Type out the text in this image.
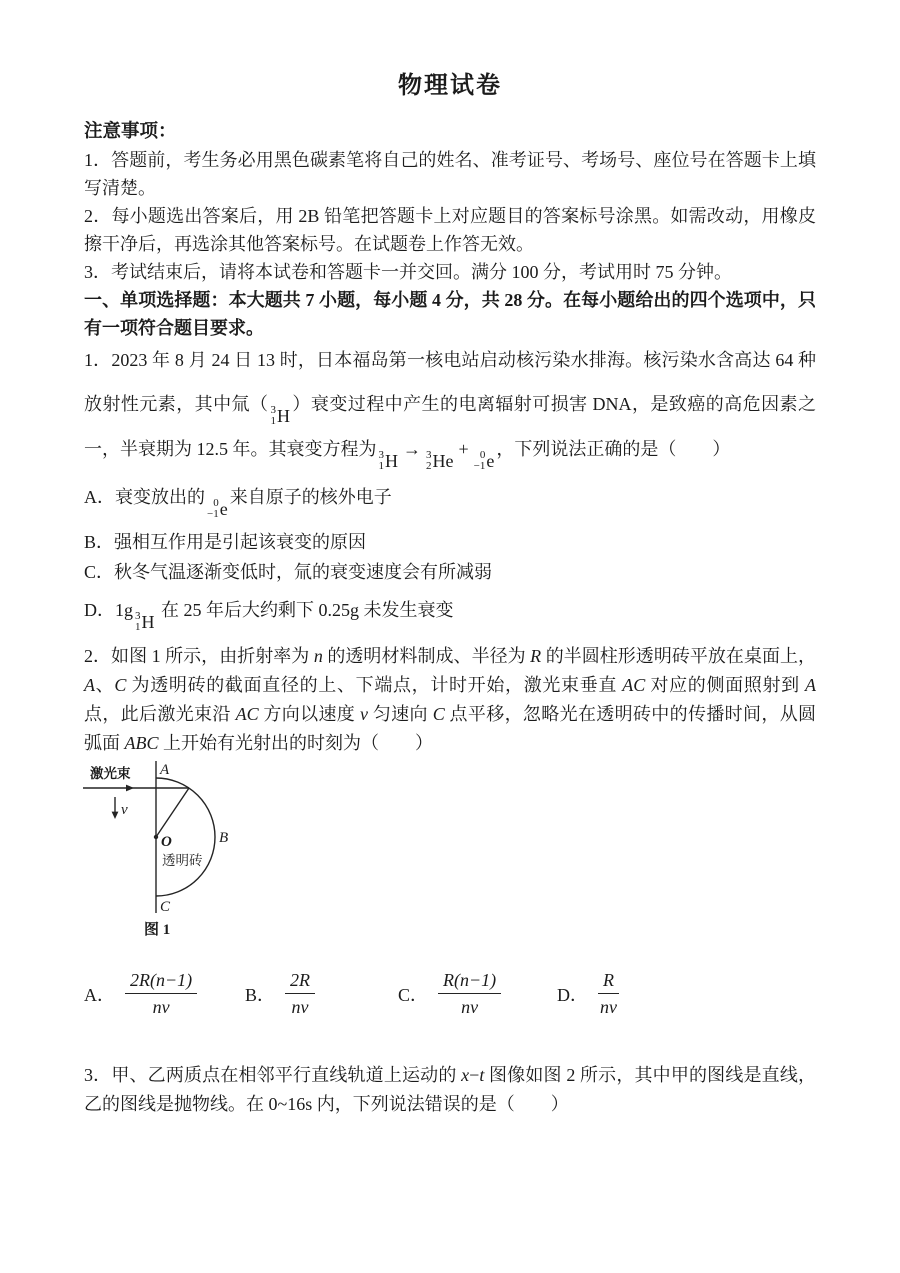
物理试卷
注意事项：
1．答题前，考生务必用黑色碳素笔将自己的姓名、准考证号、考场号、座位号在答题卡上填写清楚。
2．每小题选出答案后，用 2B 铅笔把答题卡上对应题目的答案标号涂黑。如需改动，用橡皮擦干净后，再选涂其他答案标号。在试题卷上作答无效。
3．考试结束后，请将本试卷和答题卡一并交回。满分 100 分，考试用时 75 分钟。
一、单项选择题：本大题共 7 小题，每小题 4 分，共 28 分。在每小题给出的四个选项中，只有一项符合题目要求。
1．2023 年 8 月 24 日 13 时，日本福岛第一核电站启动核污染水排海。核污染水含高达 64 种放射性元素，其中氚（ 3
1 H
）衰变过程中产生的电离辐射可损害 DNA，是致癌的高危因素之一，半衰期为 12.5 年。其衰变方程为 3
1 H
→ 3
2 He
+ 0
−1 e
，下列说法正确的是（　　）
A．衰变放出的 0
−1 e
来自原子的核外电子
B．强相互作用是引起该衰变的原因
C．秋冬气温逐渐变低时，氚的衰变速度会有所减弱
D．1g 3
1 H
在 25 年后大约剩下 0.25g 未发生衰变
2．如图 1 所示，由折射率为 n 的透明材料制成、半径为 R 的半圆柱形透明砖平放在桌面上，A、C 为透明砖的截面直径的上、下端点，计时开始，激光束垂直 AC 对应的侧面照射到 A 点，此后激光束沿 AC 方向以速度 v 匀速向 C 点平移，忽略光在透明砖中的传播时间，从圆弧面 ABC 上开始有光射出的时刻为（　　）
激光束
v
A
B
C
O
透明砖
图 1
A． $\frac{2R(n-1)}{nv}$	B． $\frac{2R}{nv}$	C． $\frac{R(n-1)}{nv}$	D． $\frac{R}{nv}$
3．甲、乙两质点在相邻平行直线轨道上运动的 x−t 图像如图 2 所示，其中甲的图线是直线，乙的图线是抛物线。在 0~16s 内，下列说法错误的是（　　）
